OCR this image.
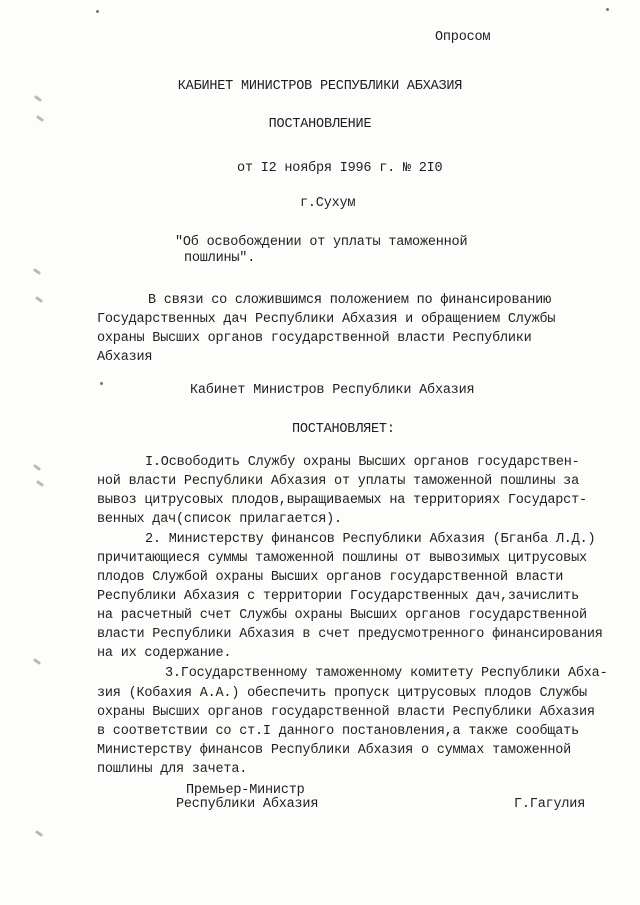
Опросом
КАБИНЕТ МИНИСТРОВ РЕСПУБЛИКИ АБХАЗИЯ
ПОСТАНОВЛЕНИЕ
от I2 ноября I996 г. № 2I0
г.Сухум
"Об освобождении от уплаты таможенной
пошлины".
В связи со сложившимся положением по финансированию
Государственных дач Республики Абхазия и обращением Службы
охраны Высших органов государственной власти Республики
Абхазия
Кабинет Министров Республики Абхазия
ПОСТАНОВЛЯЕТ:
I.Освободить Службу охраны Высших органов государствен-
ной власти Республики Абхазия от уплаты таможенной пошлины за
вывоз цитрусовых плодов,выращиваемых на территориях Государст-
венных дач(список прилагается).
2. Министерству финансов Республики Абхазия (Бганба Л.Д.)
причитающиеся суммы таможенной пошлины от вывозимых цитрусовых
плодов Службой охраны Высших органов государственной власти
Республики Абхазия с территории Государственных дач,зачислить
на расчетный счет Службы охраны Высших органов государственной
власти Республики Абхазия в счет предусмотренного финансирования
на их содержание.
3.Государственному таможенному комитету Республики Абха-
зия (Кобахия А.А.) обеспечить пропуск цитрусовых плодов Службы
охраны Высших органов государственной власти Республики Абхазия
в соответствии со ст.I данного постановления,а также сообщать
Министерству финансов Республики Абхазия о суммах таможенной
пошлины для зачета.
Премьер-Министр
Республики Абхазия	Г.Гагулия
